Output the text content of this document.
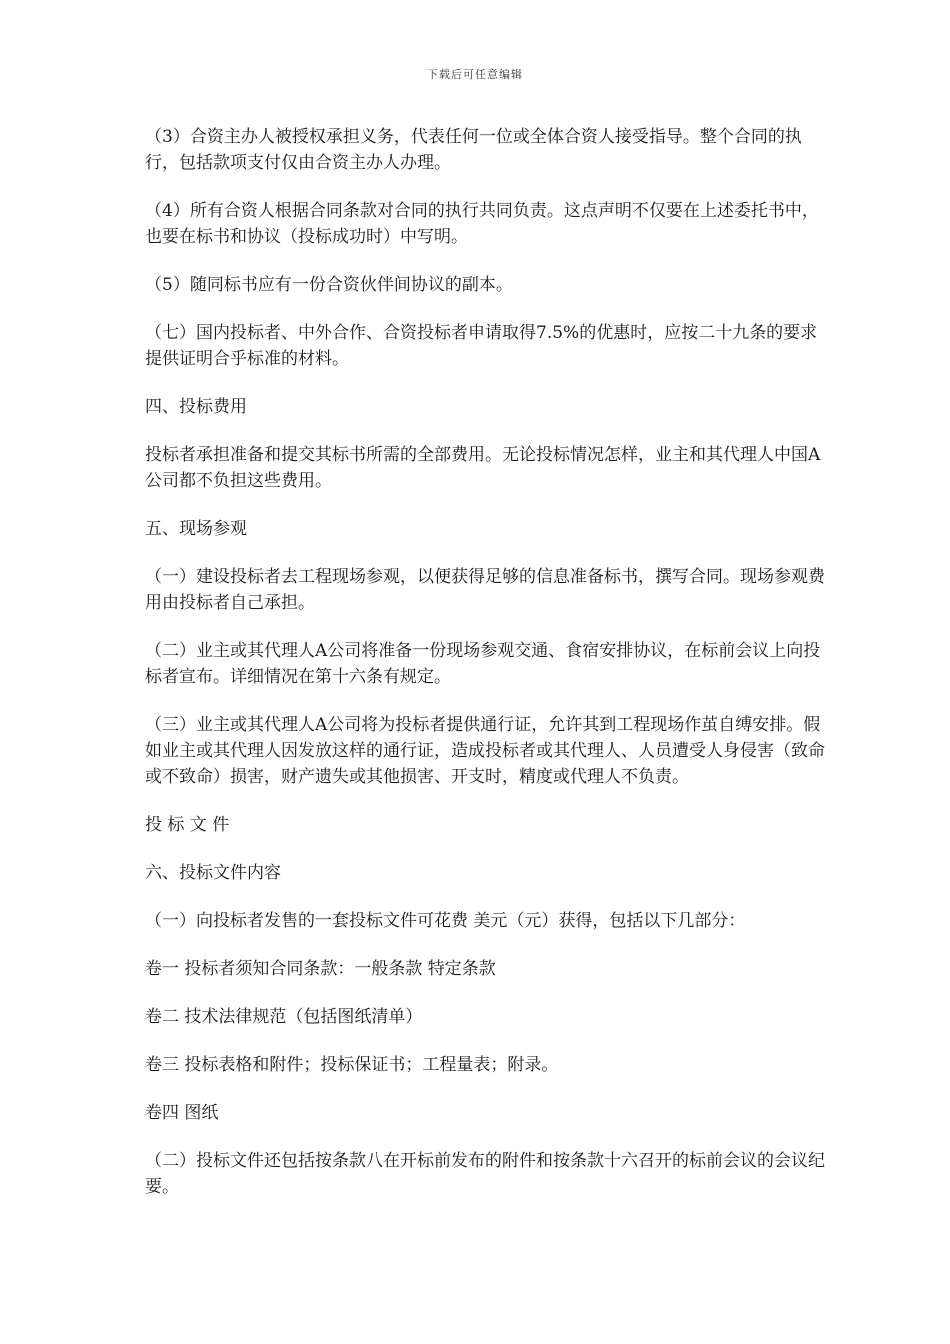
下载后可任意编辑

（3）合资主办人被授权承担义务，代表任何一位或全体合资人接受指导。整个合同的执行，包括款项支付仅由合资主办人办理。

（4）所有合资人根据合同条款对合同的执行共同负责。这点声明不仅要在上述委托书中，也要在标书和协议（投标成功时）中写明。

（5）随同标书应有一份合资伙伴间协议的副本。

（七）国内投标者、中外合作、合资投标者申请取得7.5%的优惠时，应按二十九条的要求提供证明合乎标准的材料。

四、投标费用

投标者承担准备和提交其标书所需的全部费用。无论投标情况怎样，业主和其代理人中国A公司都不负担这些费用。

五、现场参观

（一）建设投标者去工程现场参观，以便获得足够的信息准备标书，撰写合同。现场参观费用由投标者自己承担。

（二）业主或其代理人A公司将准备一份现场参观交通、食宿安排协议，在标前会议上向投标者宣布。详细情况在第十六条有规定。

（三）业主或其代理人A公司将为投标者提供通行证，允许其到工程现场作茧自缚安排。假如业主或其代理人因发放这样的通行证，造成投标者或其代理人、人员遭受人身侵害（致命或不致命）损害，财产遗失或其他损害、开支时，精度或代理人不负责。

投 标 文 件

六、投标文件内容

（一）向投标者发售的一套投标文件可花费 美元（元）获得，包括以下几部分：

卷一 投标者须知合同条款：一般条款 特定条款

卷二 技术法律规范（包括图纸清单）

卷三 投标表格和附件；投标保证书；工程量表；附录。

卷四 图纸

（二）投标文件还包括按条款八在开标前发布的附件和按条款十六召开的标前会议的会议纪要。
